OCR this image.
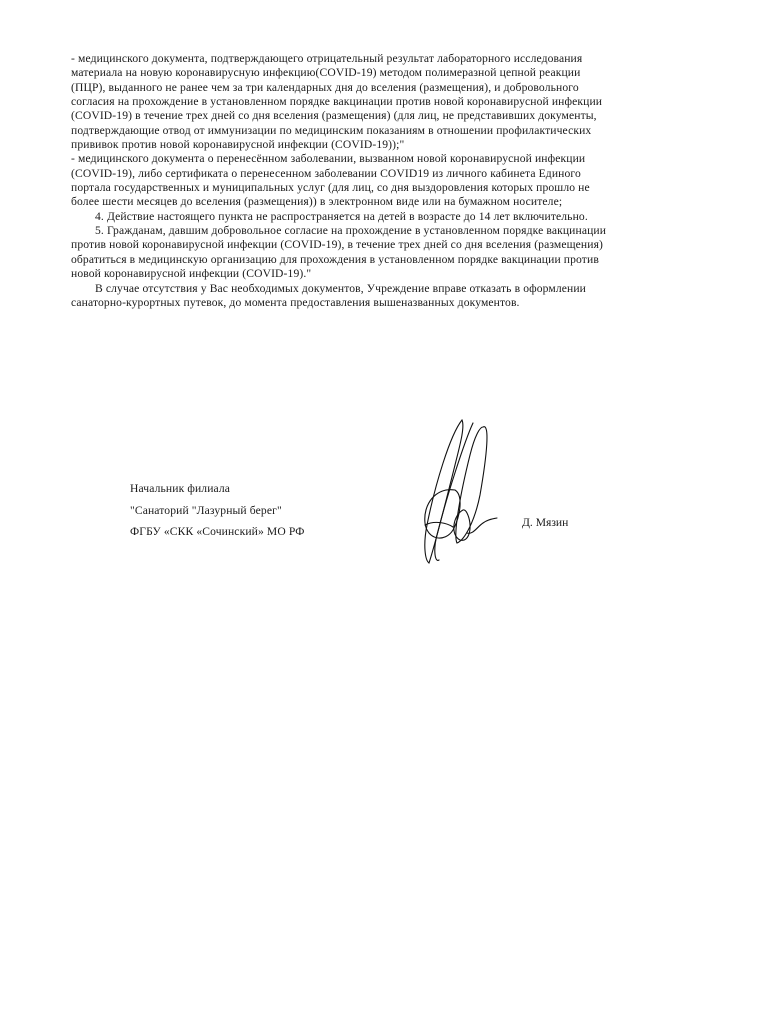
- медицинского документа, подтверждающего отрицательный результат лабораторного исследования
материала на новую коронавирусную инфекцию(COVID-19) методом полимеразной цепной реакции
(ПЦР), выданного не ранее чем за три календарных дня до вселения (размещения), и добровольного
согласия на прохождение в установленном порядке вакцинации против новой коронавирусной инфекции
(COVID-19) в течение трех дней со дня вселения (размещения) (для лиц, не представивших документы,
подтверждающие отвод от иммунизации по медицинским показаниям в отношении профилактических
прививок против новой коронавирусной инфекции (COVID-19));"
- медицинского документа о перенесённом заболевании, вызванном новой коронавирусной инфекции
(COVID-19), либо сертификата о перенесенном заболевании COVID19 из личного кабинета Единого
портала государственных и муниципальных услуг (для лиц, со дня выздоровления которых прошло не
более шести месяцев до вселения (размещения)) в электронном виде или на бумажном носителе;
4. Действие настоящего пункта не распространяется на детей в возрасте до 14 лет включительно.
5. Гражданам, давшим добровольное согласие на прохождение в установленном порядке вакцинации
против новой коронавирусной инфекции (COVID-19), в течение трех дней со дня вселения (размещения)
обратиться в медицинскую организацию для прохождения в установленном порядке вакцинации против
новой коронавирусной инфекции (COVID-19)."
В случае отсутствия у Вас необходимых документов, Учреждение вправе отказать в оформлении
санаторно-курортных путевок, до момента предоставления вышеназванных документов.
Начальник филиала
"Санаторий "Лазурный берег"
ФГБУ «СКК «Сочинский» МО РФ
Д. Мязин
